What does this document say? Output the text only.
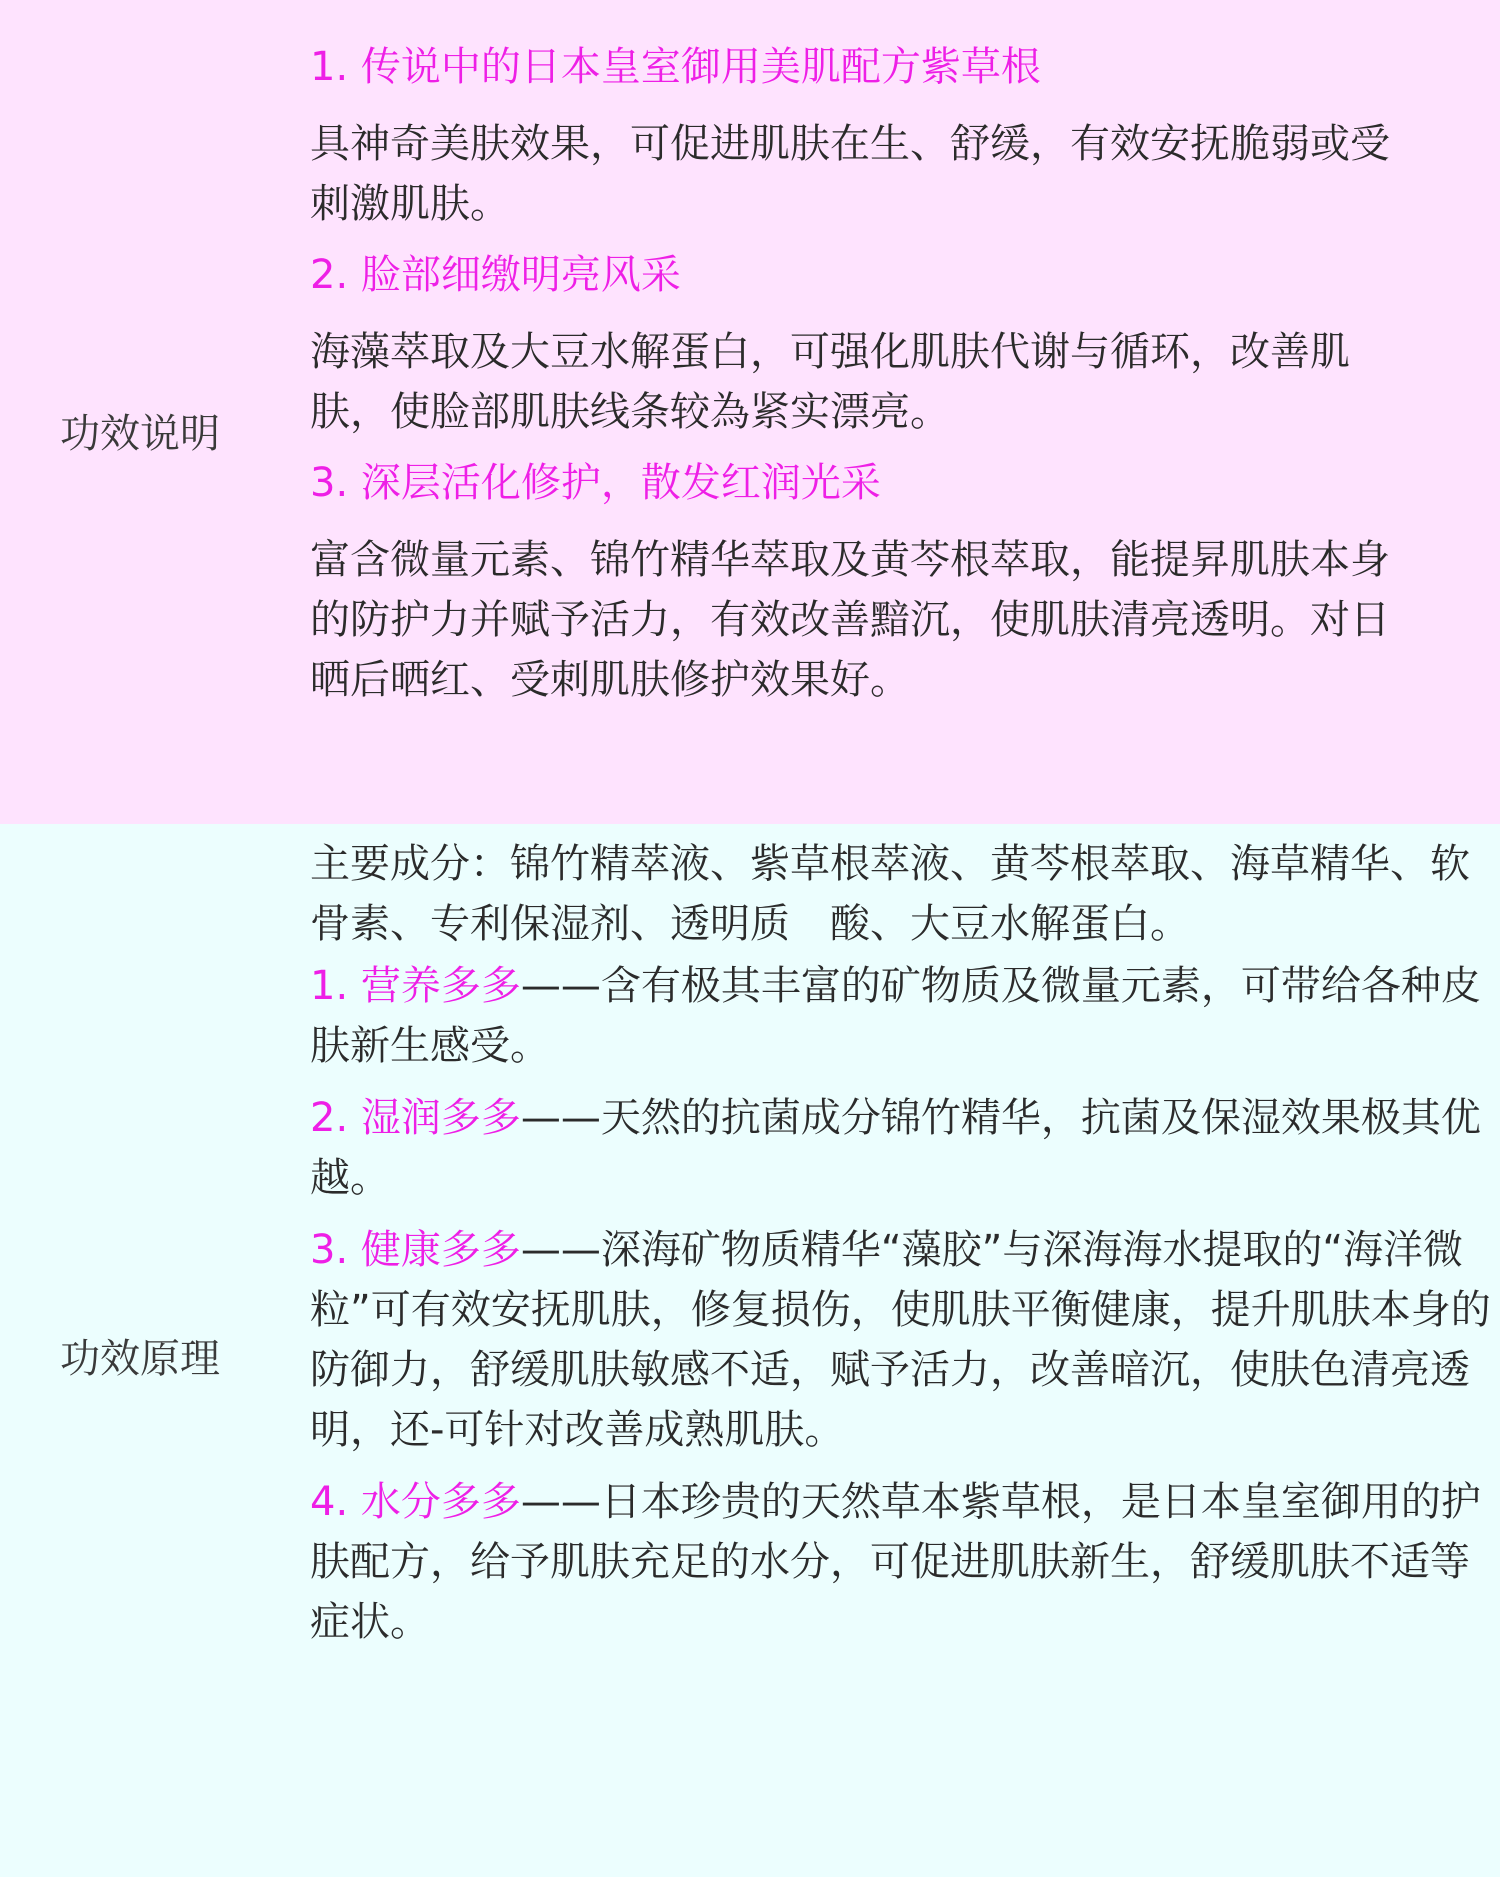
功效说明

1. 传说中的日本皇室御用美肌配方紫草根

具神奇美肤效果，可促进肌肤在生、舒缓，有效安抚脆弱或受刺激肌肤。

2. 脸部细缴明亮风采

海藻萃取及大豆水解蛋白，可强化肌肤代谢与循环，改善肌肤，使脸部肌肤线条较為紧实漂亮。

3. 深层活化修护，散发红润光采

富含微量元素、锦竹精华萃取及黄芩根萃取，能提昇肌肤本身的防护力并赋予活力，有效改善黯沉，使肌肤清亮透明。对日晒后晒红、受刺肌肤修护效果好。

功效原理

主要成分：锦竹精萃液、紫草根萃液、黄芩根萃取、海草精华、软骨素、专利保湿剂、透明质　酸、大豆水解蛋白。

1. 营养多多——含有极其丰富的矿物质及微量元素，可带给各种皮肤新生感受。

2. 湿润多多——天然的抗菌成分锦竹精华，抗菌及保湿效果极其优越。

3. 健康多多——深海矿物质精华“藻胶”与深海海水提取的“海洋微粒”可有效安抚肌肤，修复损伤，使肌肤平衡健康，提升肌肤本身的防御力，舒缓肌肤敏感不适，赋予活力，改善暗沉，使肤色清亮透明，还-可针对改善成熟肌肤。

4. 水分多多——日本珍贵的天然草本紫草根，是日本皇室御用的护肤配方，给予肌肤充足的水分，可促进肌肤新生，舒缓肌肤不适等症状。
